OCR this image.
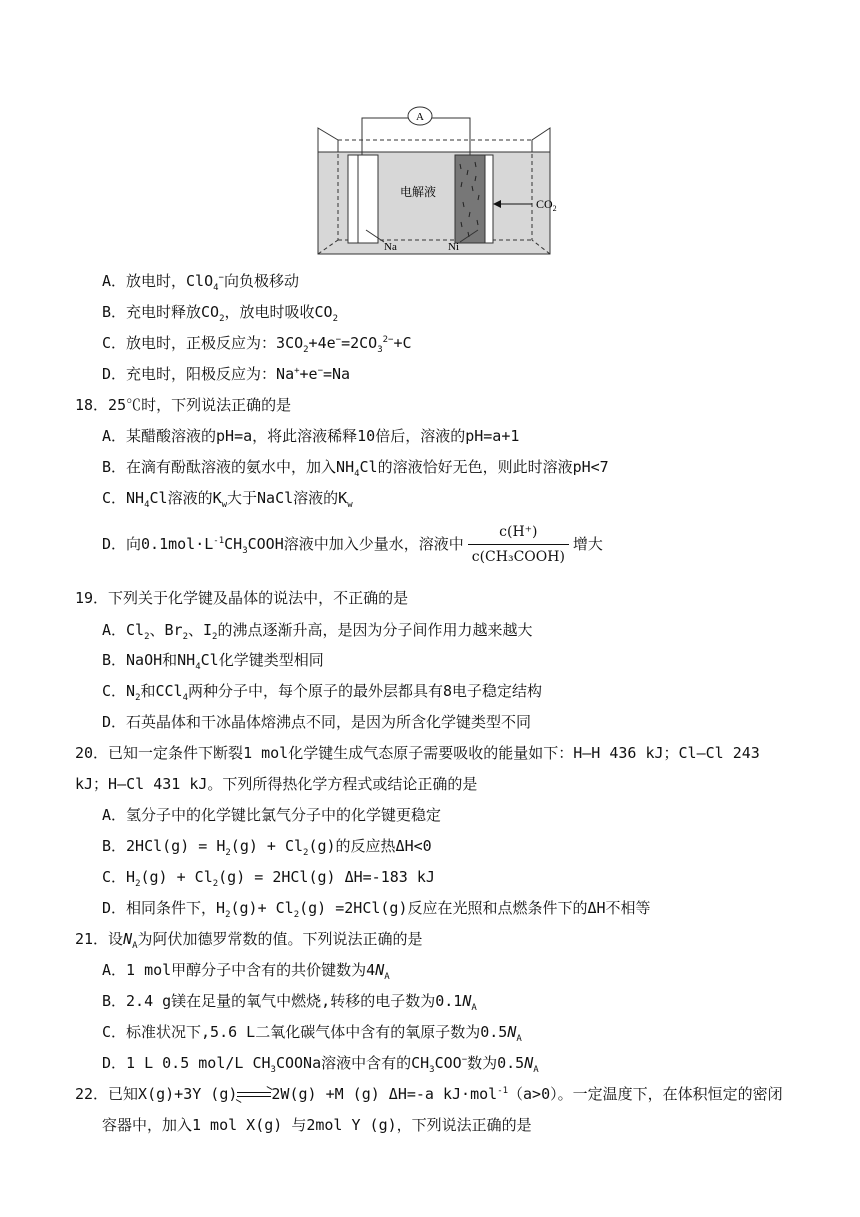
A
电解液
$CO_2$
Na	Ni
A．放电时，ClO$_4$−向负极移动
B．充电时释放$CO_2$，放电时吸收$CO_2$
C．放电时，正极反应为：$3CO_2+4e^-=2CO_3^{2-}+C$
D．充电时，阳极反应为：Na++e−=Na
18．25℃时，下列说法正确的是
A．某醋酸溶液的pH=a，将此溶液稀释10倍后，溶液的pH=a+1
B．在滴有酚酞溶液的氨水中，加入$NH_4Cl$的溶液恰好无色，则此时溶液pH<7
C．$NH_4Cl$溶液的$K_w$大于NaCl溶液的$K_w$
D．向$0.1mol\cdot L^{-1}CH_3COOH$溶液中加入少量水，溶液中 $\frac{c(H^+)}{\text{c(CH₃COOH)}}$ 增大
19．下列关于化学键及晶体的说法中，不正确的是
A．$Cl_2$、$Br_2$、$I_2$的沸点逐渐升高，是因为分子间作用力越来越大
B．NaOH和$NH_4Cl$化学键类型相同
C．$N_2$和CCl$_4$两种分子中，每个原子的最外层都具有8电子稳定结构
D．石英晶体和干冰晶体熔沸点不同，是因为所含化学键类型不同
20．已知一定条件下断裂1 mol化学键生成气态原子需要吸收的能量如下：H—H 436 kJ；Cl—Cl 243
kJ；H—Cl 431 kJ。下列所得热化学方程式或结论正确的是
A．氢分子中的化学键比氯气分子中的化学键更稳定
B．$2HCl(g) = H_2(g) + Cl_2(g)$的反应热ΔH<0
C．$H_2(g) + Cl_2(g) = 2HCl(g)$ ΔH=-183 kJ
D．相同条件下，$H_2(g)+ Cl_2(g) =2HCl(g)$反应在光照和点燃条件下的ΔH不相等
21．设$N_A$为阿伏加德罗常数的值。下列说法正确的是
A．1 mol甲醇分子中含有的共价键数为$4N_A$
B．2.4 g镁在足量的氧气中燃烧,转移的电子数为$0.1N_A$
C．标准状况下,5.6 L二氧化碳气体中含有的氧原子数为$0.5N_A$
D．1 L 0.5 mol/L $CH_3COONa$溶液中含有的$CH_3COO^-$数为$0.5N_A$
22．已知X(g)+3Y (g)⇌2W(g) +M (g) ΔH=-a kJ·mol$^{-1}$（a>0）。一定温度下，在体积恒定的密闭
容器中，加入1 mol X(g) 与2mol Y (g)，下列说法正确的是
